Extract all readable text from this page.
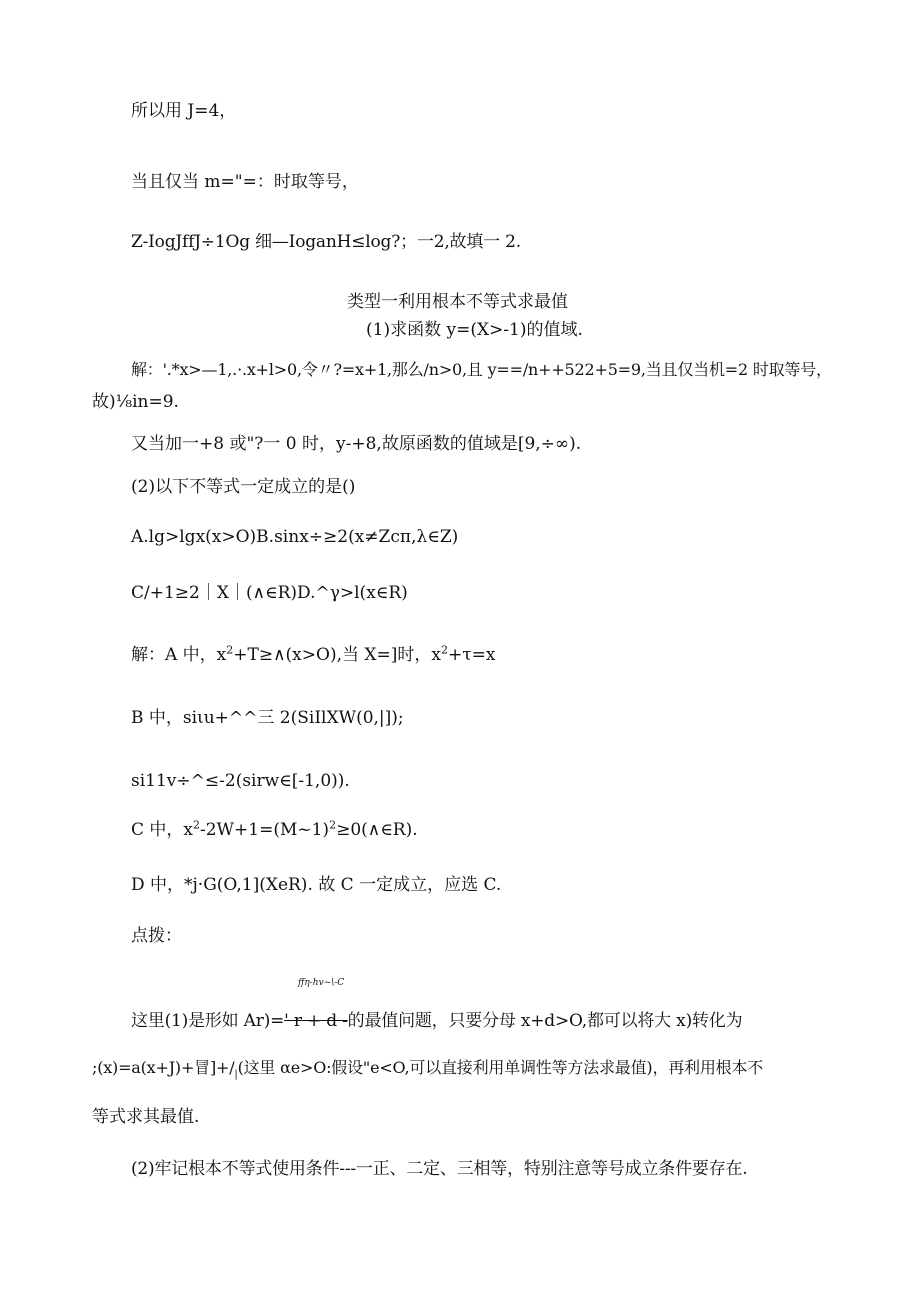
所以用 J=4，
当且仅当 m="=：时取等号，
Z-IogJffJ÷1Og 细—IoganH≤log?；一2,故填一 2.
类型一利用根本不等式求最值
(1)求函数 y=(X>-1)的值域.
解：'.*x>—1,.·.x+l>0,令〃?=x+1,那么/n>0,且 y==/n++522+5=9,当且仅当机=2 时取等号，
故)⅛in=9.
又当加一+8 或"?一 0 时，y-+8,故原函数的值域是[9,÷∞).
(2)以下不等式一定成立的是()
A.lg>lgx(x>O)B.sinx÷≥2(x≠Zcπ,λ∈Z)
C/+1≥2｜X｜(∧∈R)D.^γ>l(x∈R)
解：A 中，$x^2+T\ge\wedge(x>O)$,当 X=]时，$x^2+\tau=x$
B 中，siιu+^^三 2(SiIlXW(0,|]);
si11v÷^≤-2(sirw∈[-1,0)).
C 中，$x^2-2W+1=(M\sim 1)^2\ge 0(\wedge\in R)$.
D 中，*j·G(O,1](XeR). 故 C 一定成立，应选 C.
点拨：
ffη-hv~\-C
这里(1)是形如 Ar)=' r + d -的最值问题，只要分母 x+d>O,都可以将大 x)转化为
;(x)=a(x+J)+冒]$+/_|$(这里 αe>O:假设"e<O,可以直接利用单调性等方法求最值)，再利用根本不
等式求其最值.
(2)牢记根本不等式使用条件---一正、二定、三相等，特别注意等号成立条件要存在.
